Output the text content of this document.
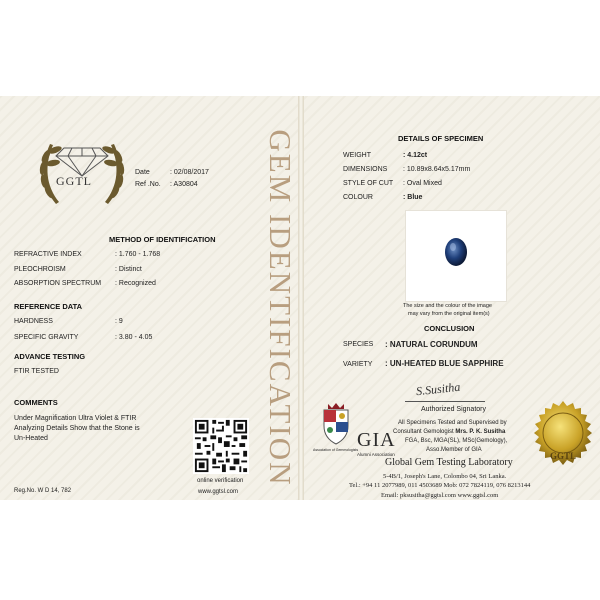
GGTL
Date	: 02/08/2017
Ref .No. : A30804
METHOD OF IDENTIFICATION
REFRACTIVE INDEX	: 1.760 - 1.768
PLEOCHROISM	: Distinct
ABSORPTION SPECTRUM : Recognized
REFERENCE DATA
HARDNESS	: 9
SPECIFIC GRAVITY	: 3.80 - 4.05
ADVANCE TESTING
FTIR TESTED
COMMENTS
Under Magnification Ultra Violet & FTIR
Analyzing Details Show that the Stone is
Un-Heated
Reg.No. W D 14, 782
online verification
www.ggtsl.com
GEM IDENTIFICATION	DETAILS OF SPECIMEN
WEIGHT	: 4.12ct
DIMENSIONS : 10.89x8.64x5.17mm
STYLE OF CUT : Oval Mixed
COLOUR	: Blue
The size and the colour of the image
may vary from the original item(s)
CONCLUSION
SPECIES : NATURAL CORUNDUM
VARIETY : UN-HEATED BLUE SAPPHIRE
S.Susitha
Authorized Signatory
All Specimens Tested and Supervised by
Consultant Gemologist Mrs. P. K. Susitha
FGA, Bsc, MGA(SL), MSc(Gemology),
Asso.Member of GIA
Association of Gemmologists
GIA
Alumni Association
Global Gem Testing Laboratory
5-4B/1, Joseph's Lane, Colombo 04, Sri Lanka.
Tel.: +94 11 2077989, 011 4503689 Mob: 072 7824119, 076 8213144
Email: pksusitha@ggtsl.com www.ggtsl.com
GGTL
